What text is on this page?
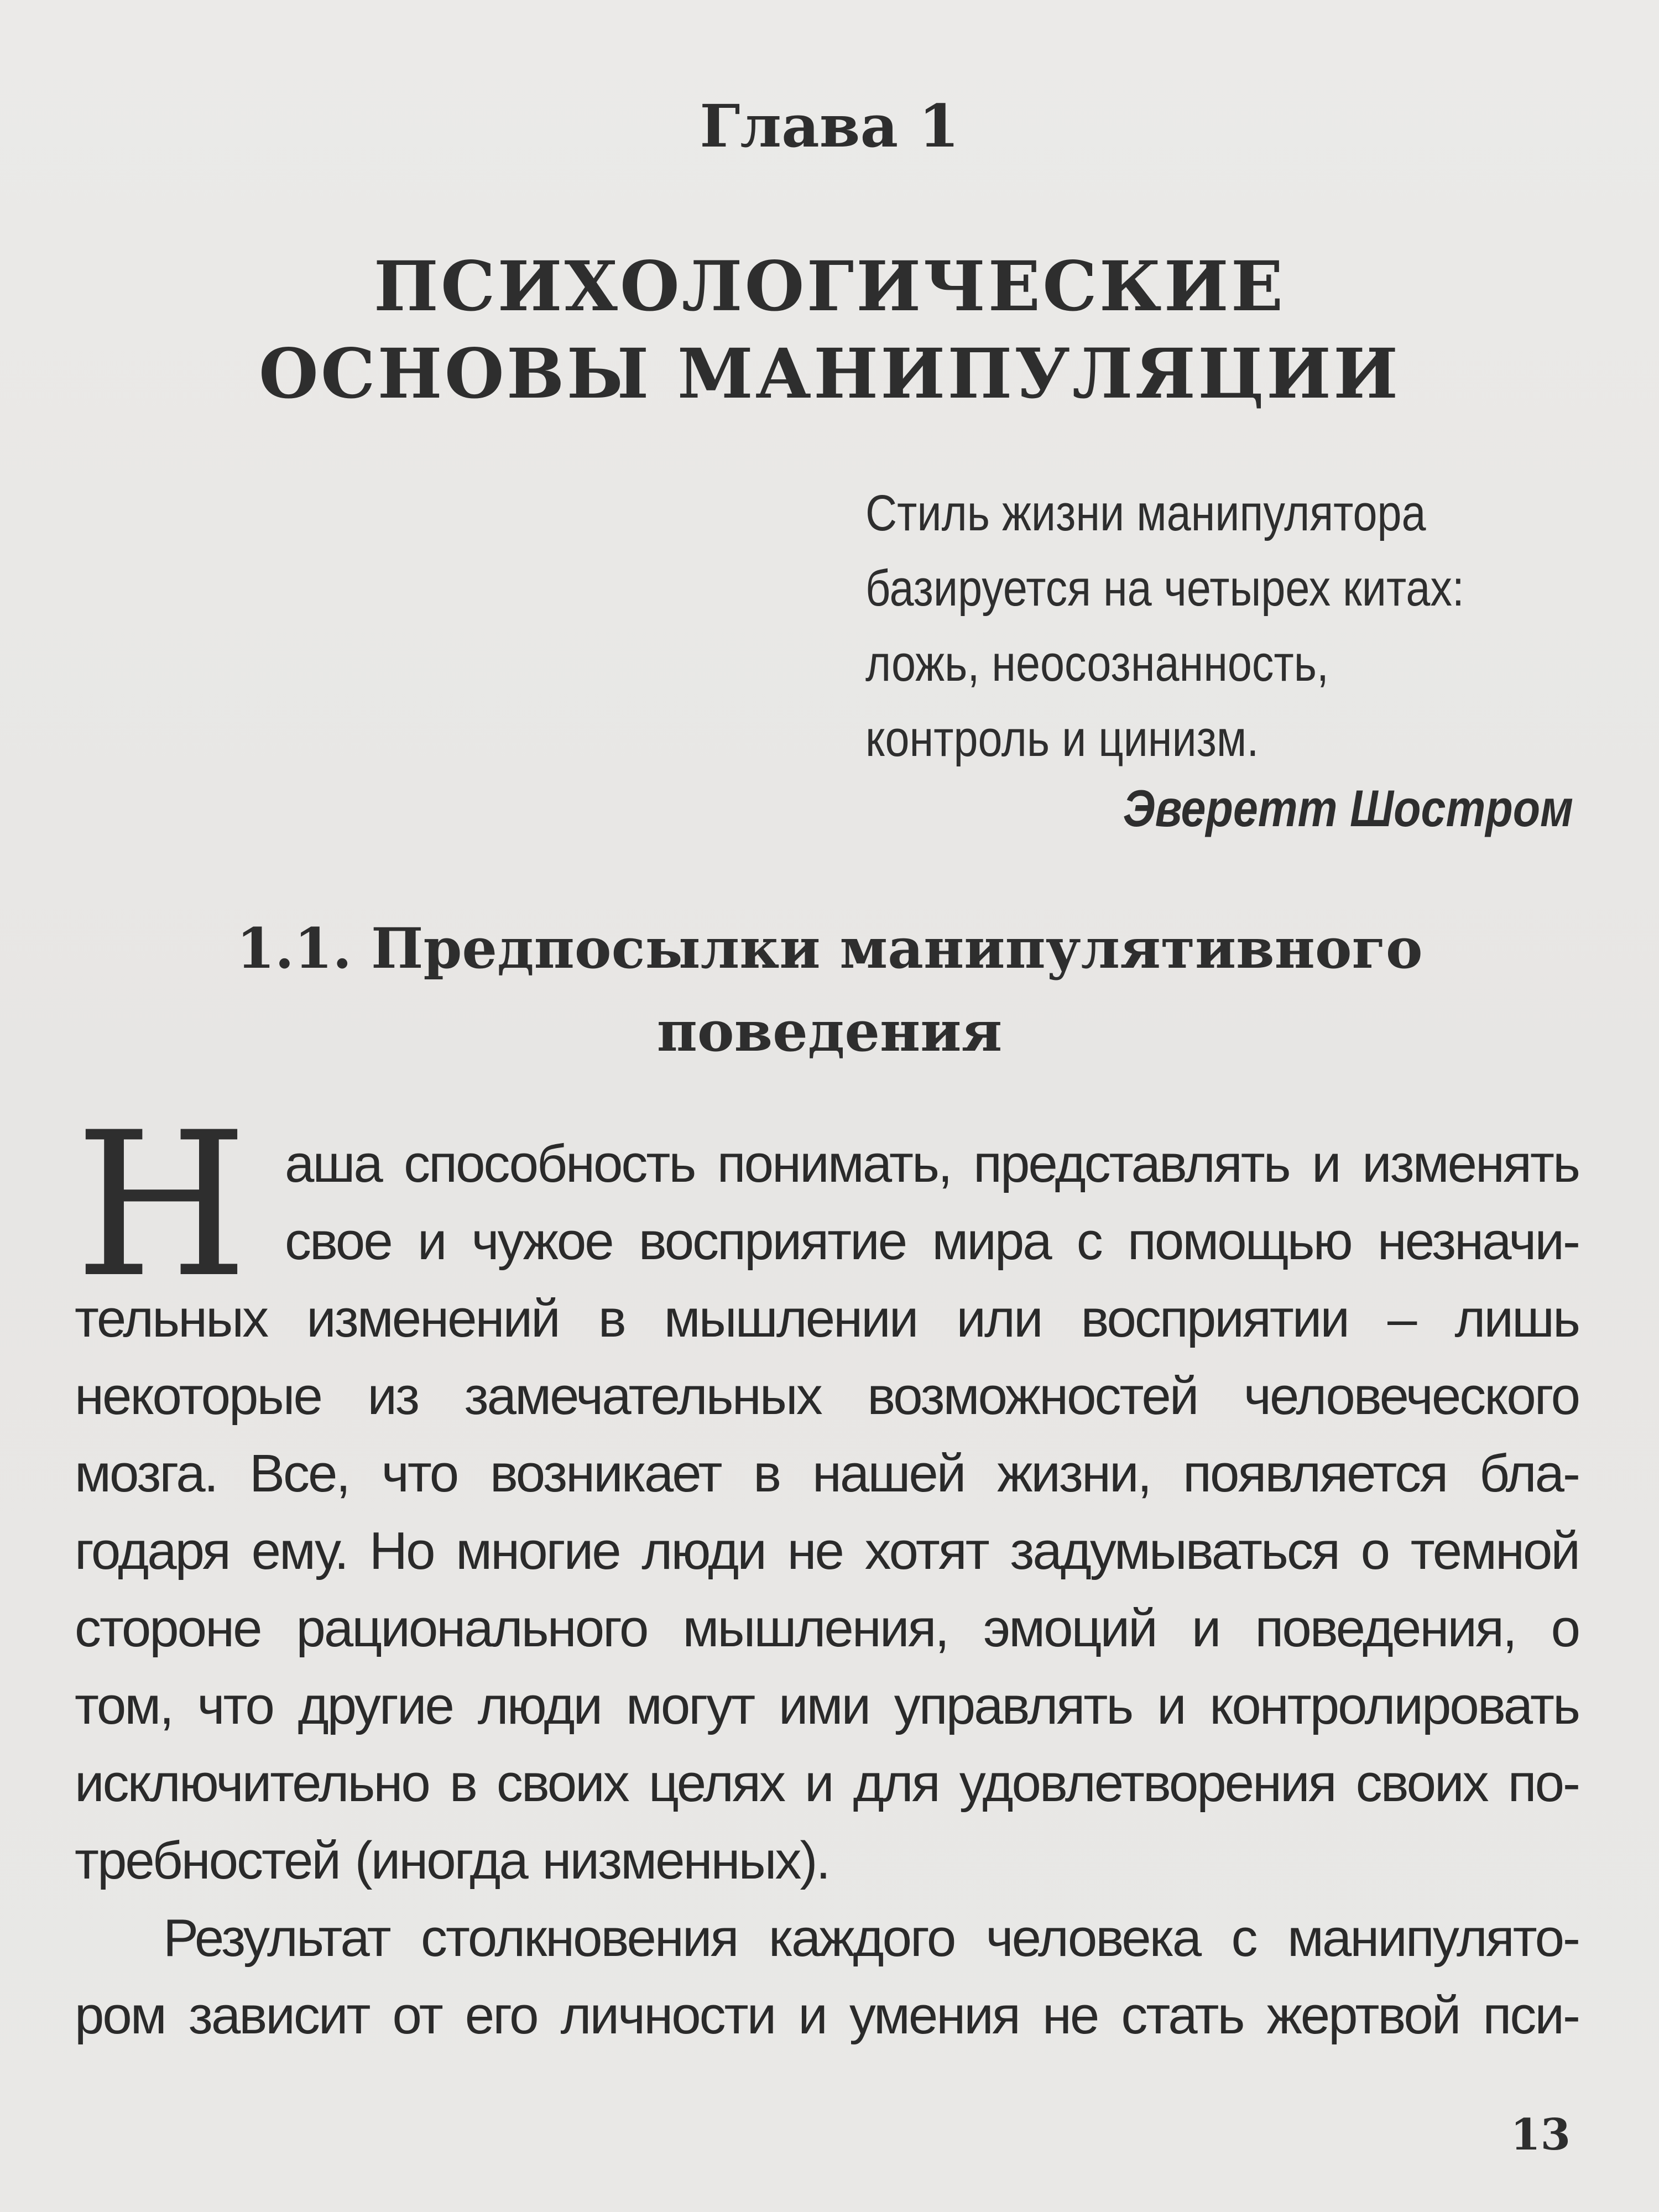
Глава 1
ПСИХОЛОГИЧЕСКИЕ
ОСНОВЫ МАНИПУЛЯЦИИ
Стиль жизни манипулятора
базируется на четырех китах:
ложь, неосознанность,
контроль и цинизм.
Эверетт Шостром
1.1. Предпосылки манипулятивного
поведения
Н аша способность понимать, представлять и изменять
свое и чужое восприятие мира с помощью незначи-
тельных изменений в мышлении или восприятии – лишь
некоторые из замечательных возможностей человеческого
мозга. Все, что возникает в нашей жизни, появляется бла-
годаря ему. Но многие люди не хотят задумываться о темной
стороне рационального мышления, эмоций и поведения, о
том, что другие люди могут ими управлять и контролировать
исключительно в своих целях и для удовлетворения своих по-
требностей (иногда низменных).
Результат столкновения каждого человека с манипулято-
ром зависит от его личности и умения не стать жертвой пси-
13
